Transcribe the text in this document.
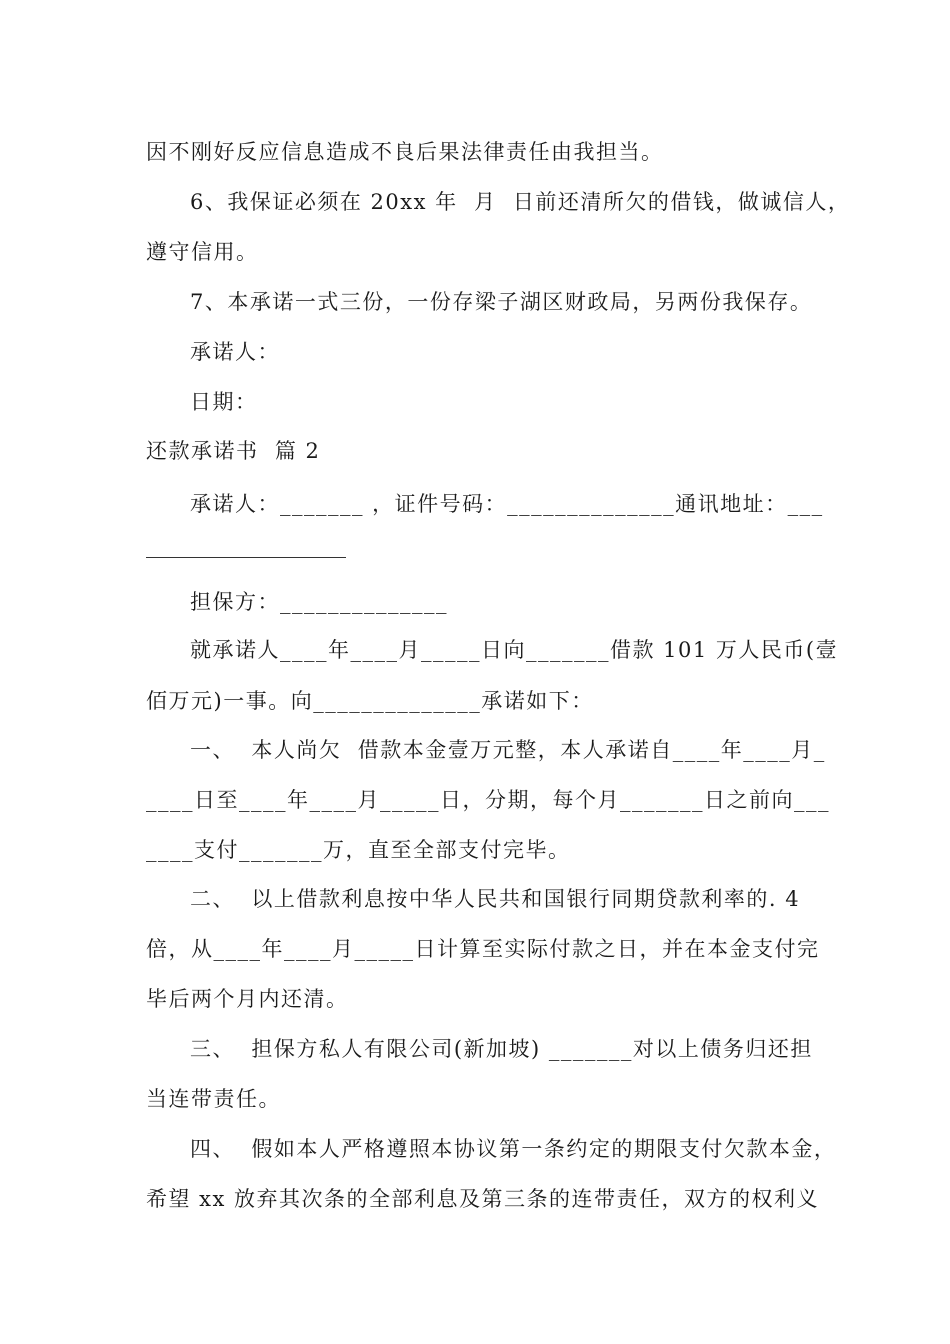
因不刚好反应信息造成不良后果法律责任由我担当。
6、我保证必须在 20xx 年  月  日前还清所欠的借钱，做诚信人，
遵守信用。
7、本承诺一式三份，一份存梁子湖区财政局，另两份我保存。
承诺人：
日期：
还款承诺书  篇 2
承诺人：_______ ，证件号码：______________通讯地址：___
担保方：______________
就承诺人____年____月_____日向_______借款 101 万人民币(壹
佰万元)一事。向______________承诺如下：
一、  本人尚欠  借款本金壹万元整，本人承诺自____年____月_
____日至____年____月_____日，分期，每个月_______日之前向___
____支付_______万，直至全部支付完毕。
二、  以上借款利息按中华人民共和国银行同期贷款利率的. 4
倍，从____年____月_____日计算至实际付款之日，并在本金支付完
毕后两个月内还清。
三、  担保方私人有限公司(新加坡) _______对以上债务归还担
当连带责任。
四、  假如本人严格遵照本协议第一条约定的期限支付欠款本金，
希望 xx 放弃其次条的全部利息及第三条的连带责任，双方的权利义
